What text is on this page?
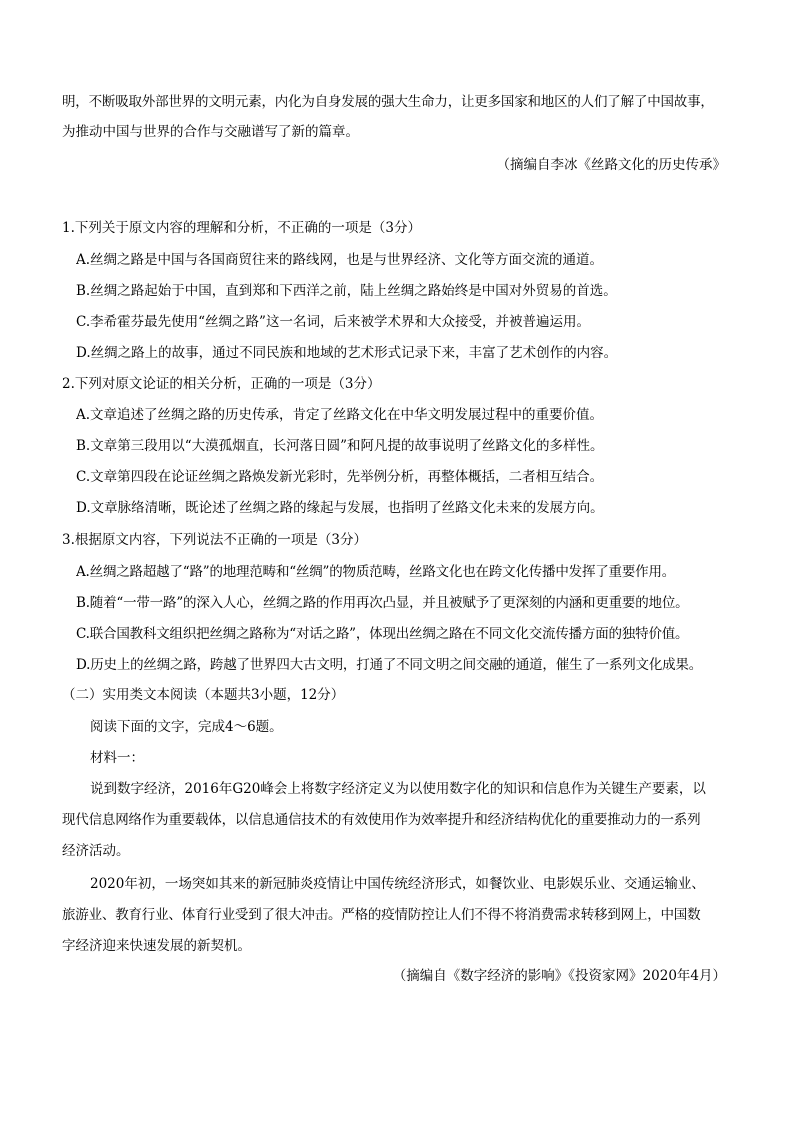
明，不断吸取外部世界的文明元素，内化为自身发展的强大生命力，让更多国家和地区的人们了解了中国故事，
为推动中国与世界的合作与交融谱写了新的篇章。
（摘编自李冰《丝路文化的历史传承》
1.下列关于原文内容的理解和分析，不正确的一项是（3分）
A.丝绸之路是中国与各国商贸往来的路线网，也是与世界经济、文化等方面交流的通道。
B.丝绸之路起始于中国，直到郑和下西洋之前，陆上丝绸之路始终是中国对外贸易的首选。
C.李希霍芬最先使用“丝绸之路”这一名词，后来被学术界和大众接受，并被普遍运用。
D.丝绸之路上的故事，通过不同民族和地域的艺术形式记录下来，丰富了艺术创作的内容。
2.下列对原文论证的相关分析，正确的一项是（3分）
A.文章追述了丝绸之路的历史传承，肯定了丝路文化在中华文明发展过程中的重要价值。
B.文章第三段用以“大漠孤烟直，长河落日圆”和阿凡提的故事说明了丝路文化的多样性。
C.文章第四段在论证丝绸之路焕发新光彩时，先举例分析，再整体概括，二者相互结合。
D.文章脉络清晰，既论述了丝绸之路的缘起与发展，也指明了丝路文化未来的发展方向。
3.根据原文内容，下列说法不正确的一项是（3分）
A.丝绸之路超越了“路”的地理范畴和“丝绸”的物质范畴，丝路文化也在跨文化传播中发挥了重要作用。
B.随着“一带一路”的深入人心，丝绸之路的作用再次凸显，并且被赋予了更深刻的内涵和更重要的地位。
C.联合国教科文组织把丝绸之路称为“对话之路”，体现出丝绸之路在不同文化交流传播方面的独特价值。
D.历史上的丝绸之路，跨越了世界四大古文明，打通了不同文明之间交融的通道，催生了一系列文化成果。
（二）实用类文本阅读（本题共3小题，12分）
阅读下面的文字，完成4～6题。
材料一：
说到数字经济，2016年G20峰会上将数字经济定义为以使用数字化的知识和信息作为关键生产要素，以
现代信息网络作为重要载体，以信息通信技术的有效使用作为效率提升和经济结构优化的重要推动力的一系列
经济活动。
2020年初，一场突如其来的新冠肺炎疫情让中国传统经济形式，如餐饮业、电影娱乐业、交通运输业、
旅游业、教育行业、体育行业受到了很大冲击。严格的疫情防控让人们不得不将消费需求转移到网上，中国数
字经济迎来快速发展的新契机。
（摘编自《数字经济的影响》《投资家网》2020年4月）
